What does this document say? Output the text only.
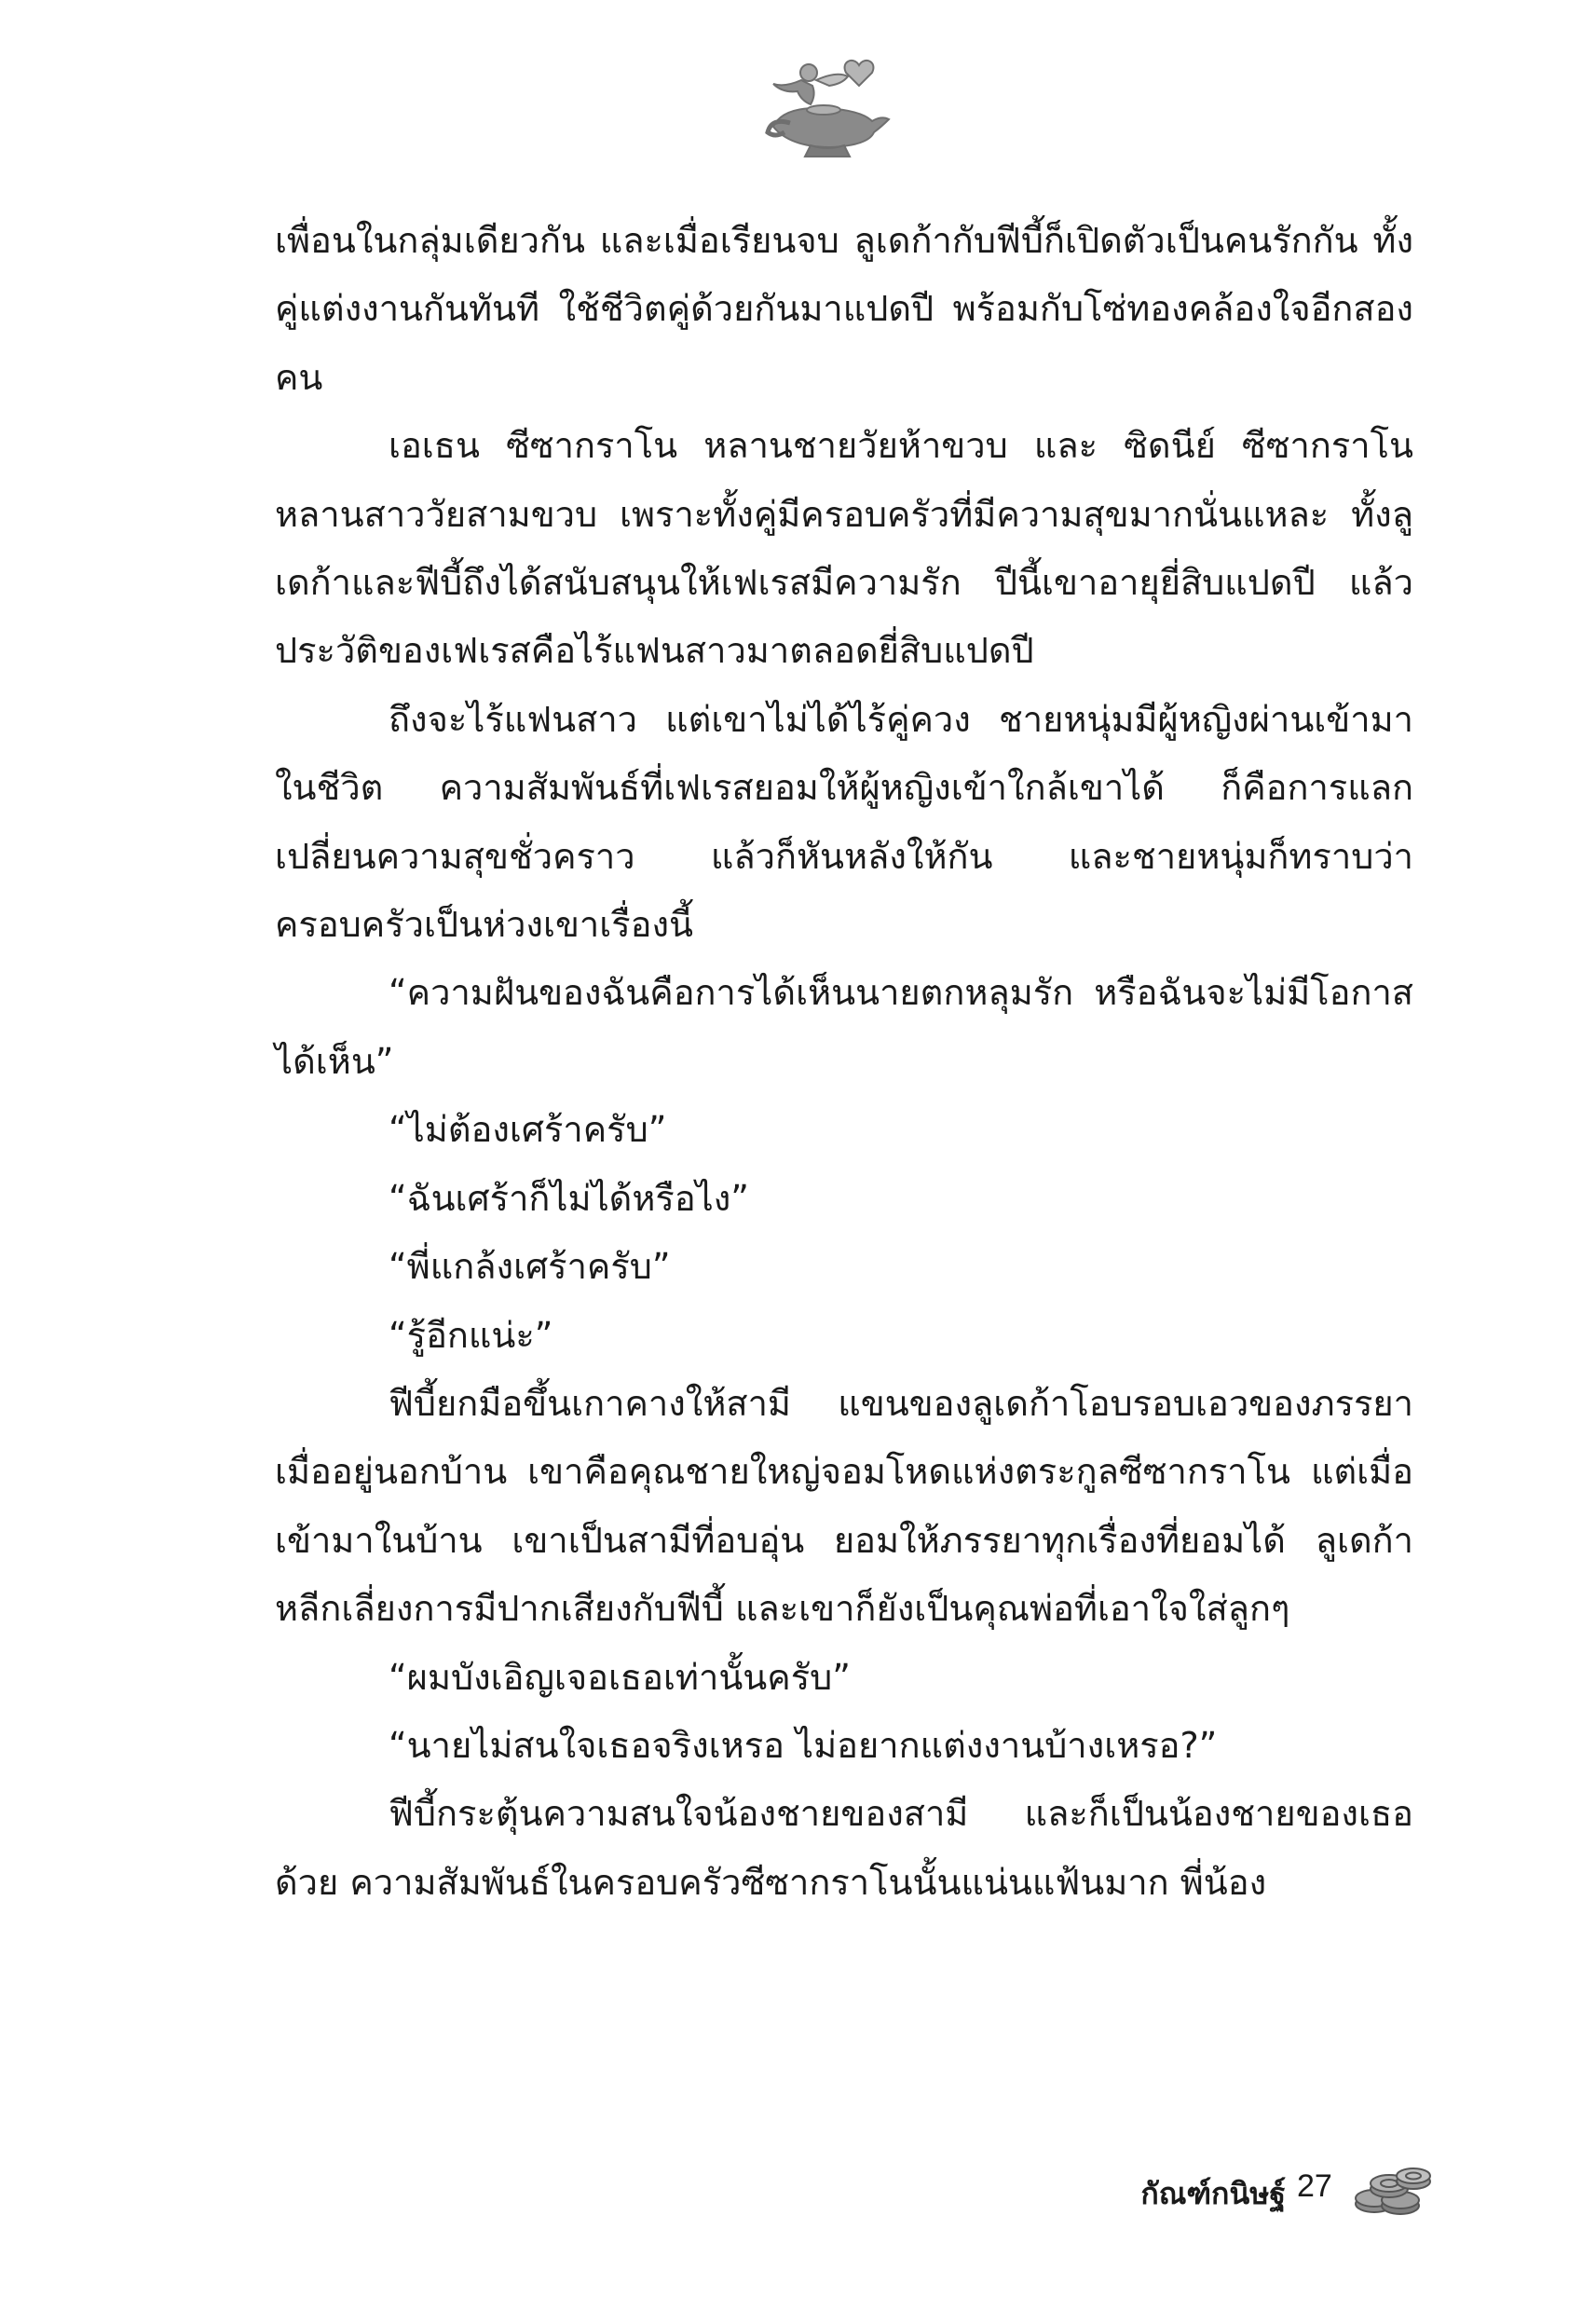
เพื่อนในกลุ่มเดียวกัน และเมื่อเรียนจบ ลูเดก้ากับฟีบี้ก็เปิดตัวเป็นคนรักกัน ทั้งคู่แต่งงานกันทันที ใช้ชีวิตคู่ด้วยกันมาแปดปี พร้อมกับโซ่ทองคล้องใจอีกสองคน

เอเธน ซีซากราโน หลานชายวัยห้าขวบ และ ซิดนีย์ ซีซากราโน หลานสาววัยสามขวบ เพราะทั้งคู่มีครอบครัวที่มีความสุขมากนั่นแหละ ทั้งลูเดก้าและฟีบี้ถึงได้สนับสนุนให้เฟเรสมีความรัก ปีนี้เขาอายุยี่สิบแปดปี แล้ว ประวัติของเฟเรสคือไร้แฟนสาวมาตลอดยี่สิบแปดปี

ถึงจะไร้แฟนสาว แต่เขาไม่ได้ไร้คู่ควง ชายหนุ่มมีผู้หญิงผ่านเข้ามาในชีวิต ความสัมพันธ์ที่เฟเรสยอมให้ผู้หญิงเข้าใกล้เขาได้ ก็คือการแลกเปลี่ยนความสุขชั่วคราว แล้วก็หันหลังให้กัน และชายหนุ่มก็ทราบว่าครอบครัวเป็นห่วงเขาเรื่องนี้

“ความฝันของฉันคือการได้เห็นนายตกหลุมรัก หรือฉันจะไม่มีโอกาสได้เห็น”

“ไม่ต้องเศร้าครับ”

“ฉันเศร้าก็ไม่ได้หรือไง”

“พี่แกล้งเศร้าครับ”

“รู้อีกแน่ะ”

ฟีบี้ยกมือขึ้นเกาคางให้สามี แขนของลูเดก้าโอบรอบเอวของภรรยาเมื่ออยู่นอกบ้าน เขาคือคุณชายใหญ่จอมโหดแห่งตระกูลซีซากราโน แต่เมื่อเข้ามาในบ้าน เขาเป็นสามีที่อบอุ่น ยอมให้ภรรยาทุกเรื่องที่ยอมได้ ลูเดก้าหลีกเลี่ยงการมีปากเสียงกับฟีบี้ และเขาก็ยังเป็นคุณพ่อที่เอาใจใส่ลูกๆ

“ผมบังเอิญเจอเธอเท่านั้นครับ”

“นายไม่สนใจเธอจริงเหรอ ไม่อยากแต่งงานบ้างเหรอ?”

ฟีบี้กระตุ้นความสนใจน้องชายของสามี และก็เป็นน้องชายของเธอด้วย ความสัมพันธ์ในครอบครัวซีซากราโนนั้นแน่นแฟ้นมาก พี่น้อง

กัณฑ์กนิษฐ์ 27
